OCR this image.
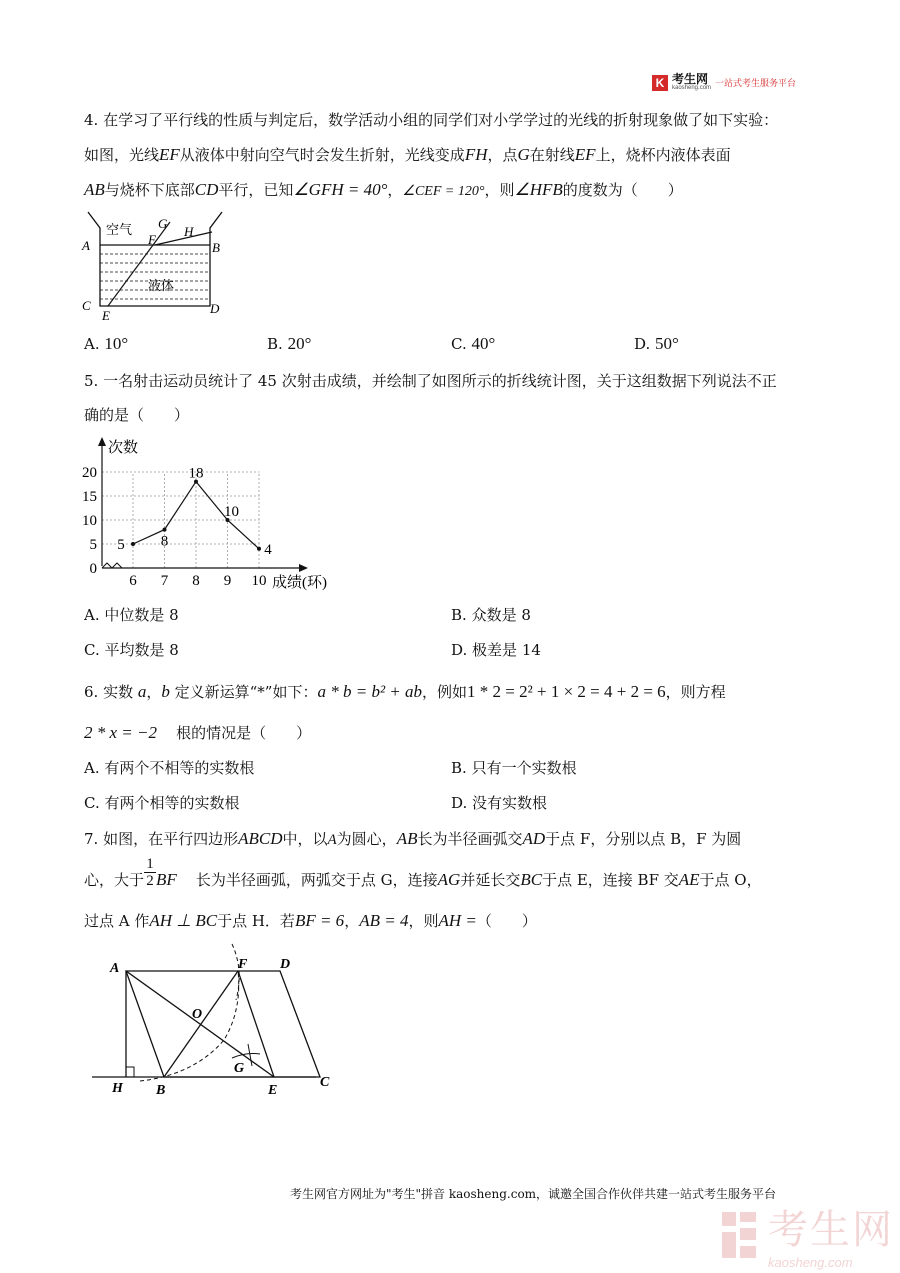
K 考生网
kaosheng.com 一站式考生服务平台
4. 在学习了平行线的性质与判定后，数学活动小组的同学们对小学学过的光线的折射现象做了如下实验：
如图，光线EF从液体中射向空气时会发生折射，光线变成FH，点G在射线EF上，烧杯内液体表面
AB与烧杯下底部CD平行，已知∠GFH = 40°，∠CEF = 120°，则∠HFB的度数为（　　）
空气
液体
A	B
C	D
E
F
G
H
A. 10°	B. 20°	C. 40°	D. 50°
5. 一名射击运动员统计了 45 次射击成绩，并绘制了如图所示的折线统计图，关于这组数据下列说法不正
确的是（　　）
次数
成绩(环)
0
5
10
15
20
6 7 8 9 10
5 8
18
10
4
A. 中位数是 8	B. 众数是 8
C. 平均数是 8	D. 极差是 14
6. 实数 a，b 定义新运算“*”如下：a * b = b² + ab，例如1 * 2 = 2² + 1 × 2 = 4 + 2 = 6，则方程
2 * x = −2 根的情况是（　　）
A. 有两个不相等的实数根	B. 只有一个实数根
C. 有两个相等的实数根	D. 没有实数根
7. 如图，在平行四边形ABCD中，以A为圆心，AB长为半径画弧交AD于点 F，分别以点 B，F 为圆
心，大于 $\frac{1}{2}$ BF 长为半径画弧，两弧交于点 G，连接AG并延长交BC于点 E，连接 BF 交AE于点 O，
过点 A 作AH ⊥ BC于点 H．若BF = 6，AB = 4，则AH =（　　）
A	F D
O
G
H B	E
C
考生网官方网址为"考生"拼音 kaosheng.com，诚邀全国合作伙伴共建一站式考生服务平台
考生网
kaosheng.com
